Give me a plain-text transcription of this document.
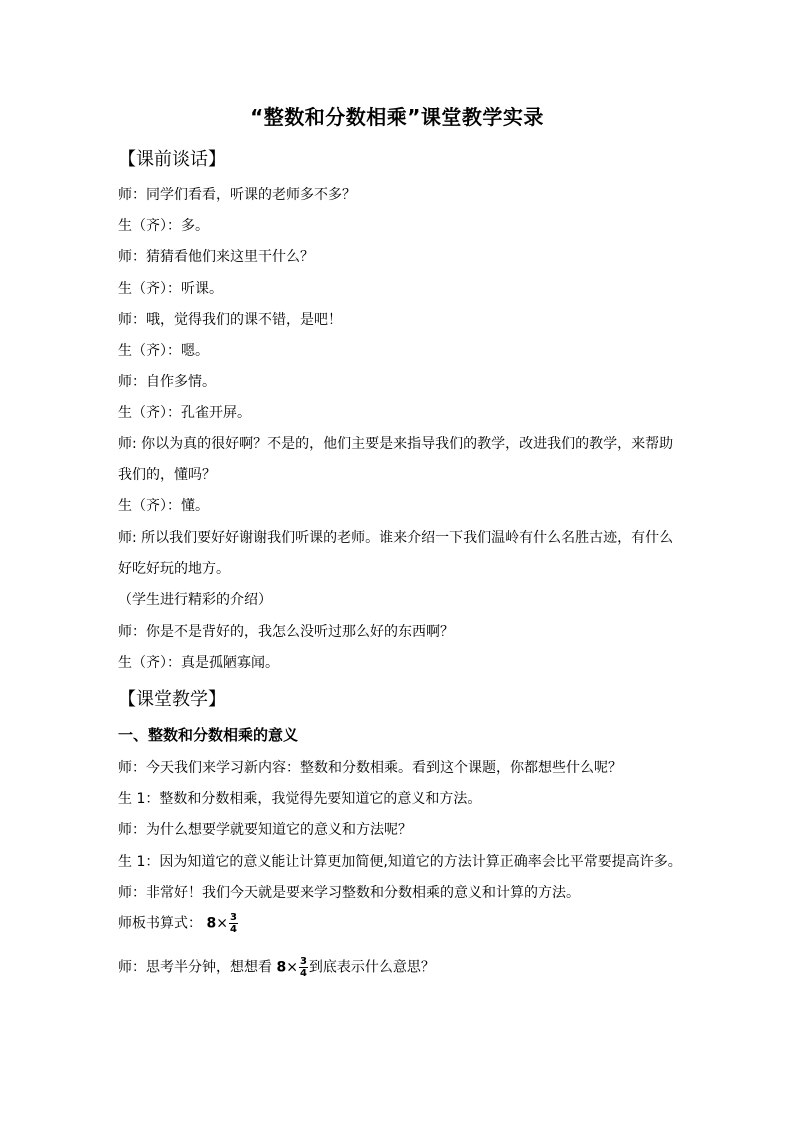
“整数和分数相乘”课堂教学实录
【课前谈话】
师：同学们看看，听课的老师多不多？
生（齐）：多。
师：猜猜看他们来这里干什么？
生（齐）：听课。
师：哦，觉得我们的课不错，是吧！
生（齐）：嗯。
师：自作多情。
生（齐）：孔雀开屏。
师: 你以为真的很好啊？不是的，他们主要是来指导我们的教学，改进我们的教学，来帮助
我们的，懂吗？
生（齐）：懂。
师: 所以我们要好好谢谢我们听课的老师。谁来介绍一下我们温岭有什么名胜古迹，有什么
好吃好玩的地方。
（学生进行精彩的介绍）
师：你是不是背好的，我怎么没听过那么好的东西啊？
生（齐）：真是孤陋寡闻。
【课堂教学】
一、整数和分数相乘的意义
师：今天我们来学习新内容：整数和分数相乘。看到这个课题，你都想些什么呢？
生 1：整数和分数相乘，我觉得先要知道它的意义和方法。
师：为什么想要学就要知道它的意义和方法呢？
生 1：因为知道它的意义能让计算更加简便,知道它的方法计算正确率会比平常要提高许多。
师：非常好！我们今天就是要来学习整数和分数相乘的意义和计算的方法。
师板书算式： $8\times \frac{3}{4}$
师：思考半分钟，想想看 $8\times \frac{3}{4}$ 到底表示什么意思？
